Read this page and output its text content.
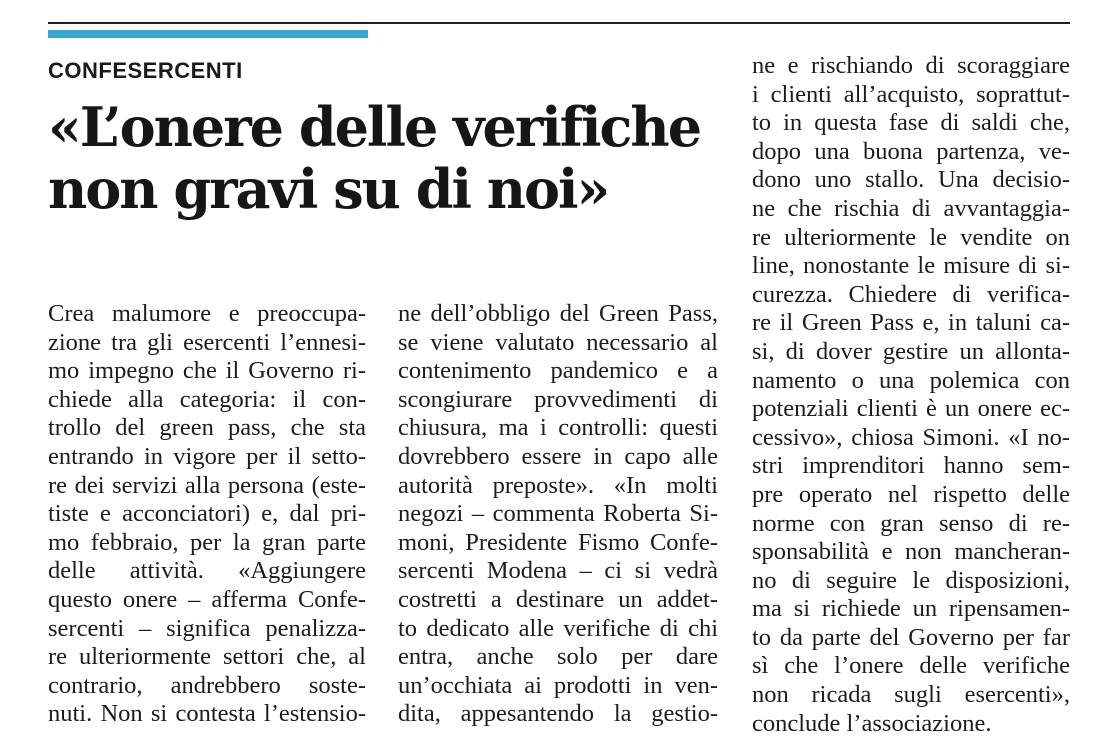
CONFESERCENTI
«L’onere delle verifiche
non gravi su di noi»
Crea malumore e preoccupa-
zione tra gli esercenti l’ennesi-
mo impegno che il Governo ri-
chiede alla categoria: il con-
trollo del green pass, che sta
entrando in vigore per il setto-
re dei servizi alla persona (este-
tiste e acconciatori) e, dal pri-
mo febbraio, per la gran parte
delle attività. «Aggiungere
questo onere – afferma Confe-
sercenti – significa penalizza-
re ulteriormente settori che, al
contrario, andrebbero soste-
nuti. Non si contesta l’estensio-
ne dell’obbligo del Green Pass,
se viene valutato necessario al
contenimento pandemico e a
scongiurare provvedimenti di
chiusura, ma i controlli: questi
dovrebbero essere in capo alle
autorità preposte». «In molti
negozi – commenta Roberta Si-
moni, Presidente Fismo Confe-
sercenti Modena – ci si vedrà
costretti a destinare un addet-
to dedicato alle verifiche di chi
entra, anche solo per dare
un’occhiata ai prodotti in ven-
dita, appesantendo la gestio-
ne e rischiando di scoraggiare
i clienti all’acquisto, soprattut-
to in questa fase di saldi che,
dopo una buona partenza, ve-
dono uno stallo. Una decisio-
ne che rischia di avvantaggia-
re ulteriormente le vendite on
line, nonostante le misure di si-
curezza. Chiedere di verifica-
re il Green Pass e, in taluni ca-
si, di dover gestire un allonta-
namento o una polemica con
potenziali clienti è un onere ec-
cessivo», chiosa Simoni. «I no-
stri imprenditori hanno sem-
pre operato nel rispetto delle
norme con gran senso di re-
sponsabilità e non mancheran-
no di seguire le disposizioni,
ma si richiede un ripensamen-
to da parte del Governo per far
sì che l’onere delle verifiche
non ricada sugli esercenti»,
conclude l’associazione.
